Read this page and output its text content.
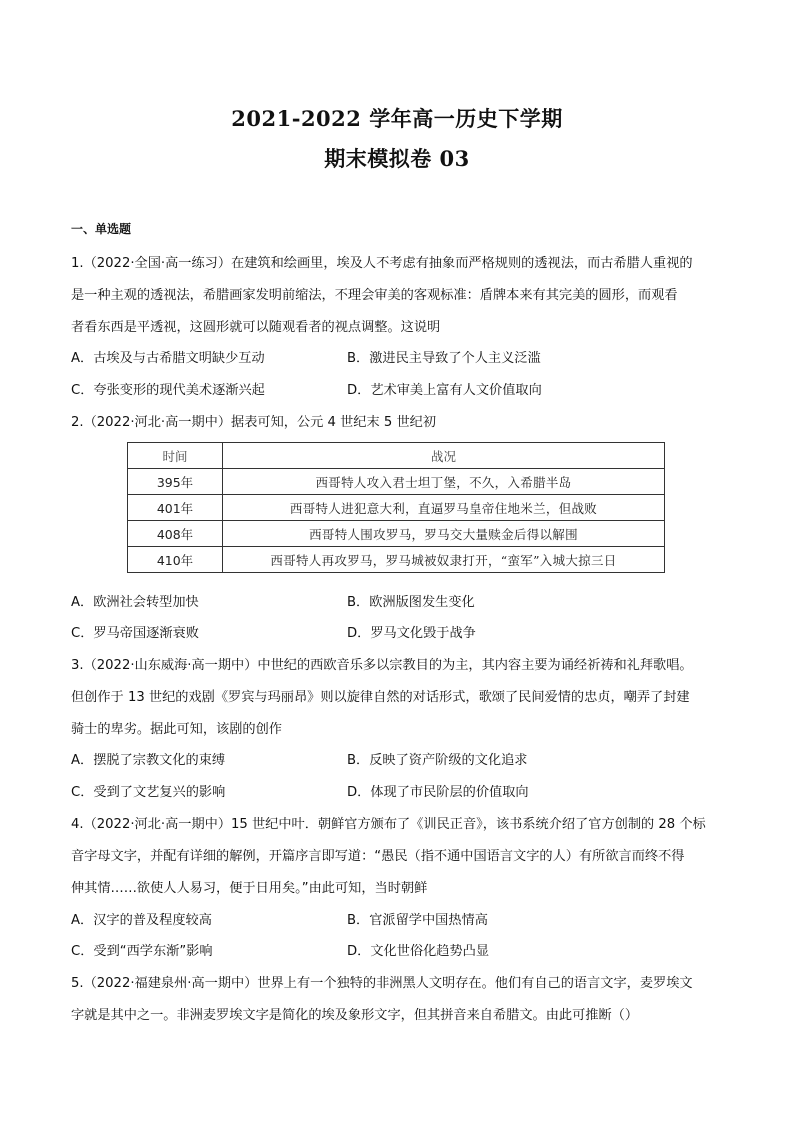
2021-2022 学年高一历史下学期
期末模拟卷 03
一、单选题
1.（2022·全国·高一练习）在建筑和绘画里，埃及人不考虑有抽象而严格规则的透视法，而古希腊人重视的
是一种主观的透视法，希腊画家发明前缩法，不理会审美的客观标准：盾牌本来有其完美的圆形，而观看
者看东西是平透视，这圆形就可以随观看者的视点调整。这说明
A．古埃及与古希腊文明缺少互动	B．激进民主导致了个人主义泛滥
C．夸张变形的现代美术逐渐兴起	D．艺术审美上富有人文价值取向
2.（2022·河北·高一期中）据表可知，公元 4 世纪末 5 世纪初
时间	战况
395年	西哥特人攻入君士坦丁堡，不久，入希腊半岛
401年	西哥特人进犯意大利，直逼罗马皇帝住地米兰，但战败
408年	西哥特人围攻罗马，罗马交大量赎金后得以解围
410年	西哥特人再攻罗马，罗马城被奴隶打开，“蛮军”入城大掠三日
A．欧洲社会转型加快	B．欧洲版图发生变化
C．罗马帝国逐渐衰败	D．罗马文化毁于战争
3.（2022·山东威海·高一期中）中世纪的西欧音乐多以宗教目的为主，其内容主要为诵经祈祷和礼拜歌唱。
但创作于 13 世纪的戏剧《罗宾与玛丽昂》则以旋律自然的对话形式，歌颂了民间爱情的忠贞，嘲弄了封建
骑士的卑劣。据此可知，该剧的创作
A．摆脱了宗教文化的束缚	B．反映了资产阶级的文化追求
C．受到了文艺复兴的影响	D．体现了市民阶层的价值取向
4.（2022·河北·高一期中）15 世纪中叶．朝鲜官方颁布了《训民正音》，该书系统介绍了官方创制的 28 个标
音字母文字，并配有详细的解例，开篇序言即写道：“愚民（指不通中国语言文字的人）有所欲言而终不得
伸其情……欲使人人易习，便于日用矣。”由此可知，当时朝鲜
A．汉字的普及程度较高	B．官派留学中国热情高
C．受到“西学东渐”影响	D．文化世俗化趋势凸显
5.（2022·福建泉州·高一期中）世界上有一个独特的非洲黑人文明存在。他们有自己的语言文字，麦罗埃文
字就是其中之一。非洲麦罗埃文字是简化的埃及象形文字，但其拼音来自希腊文。由此可推断（）
